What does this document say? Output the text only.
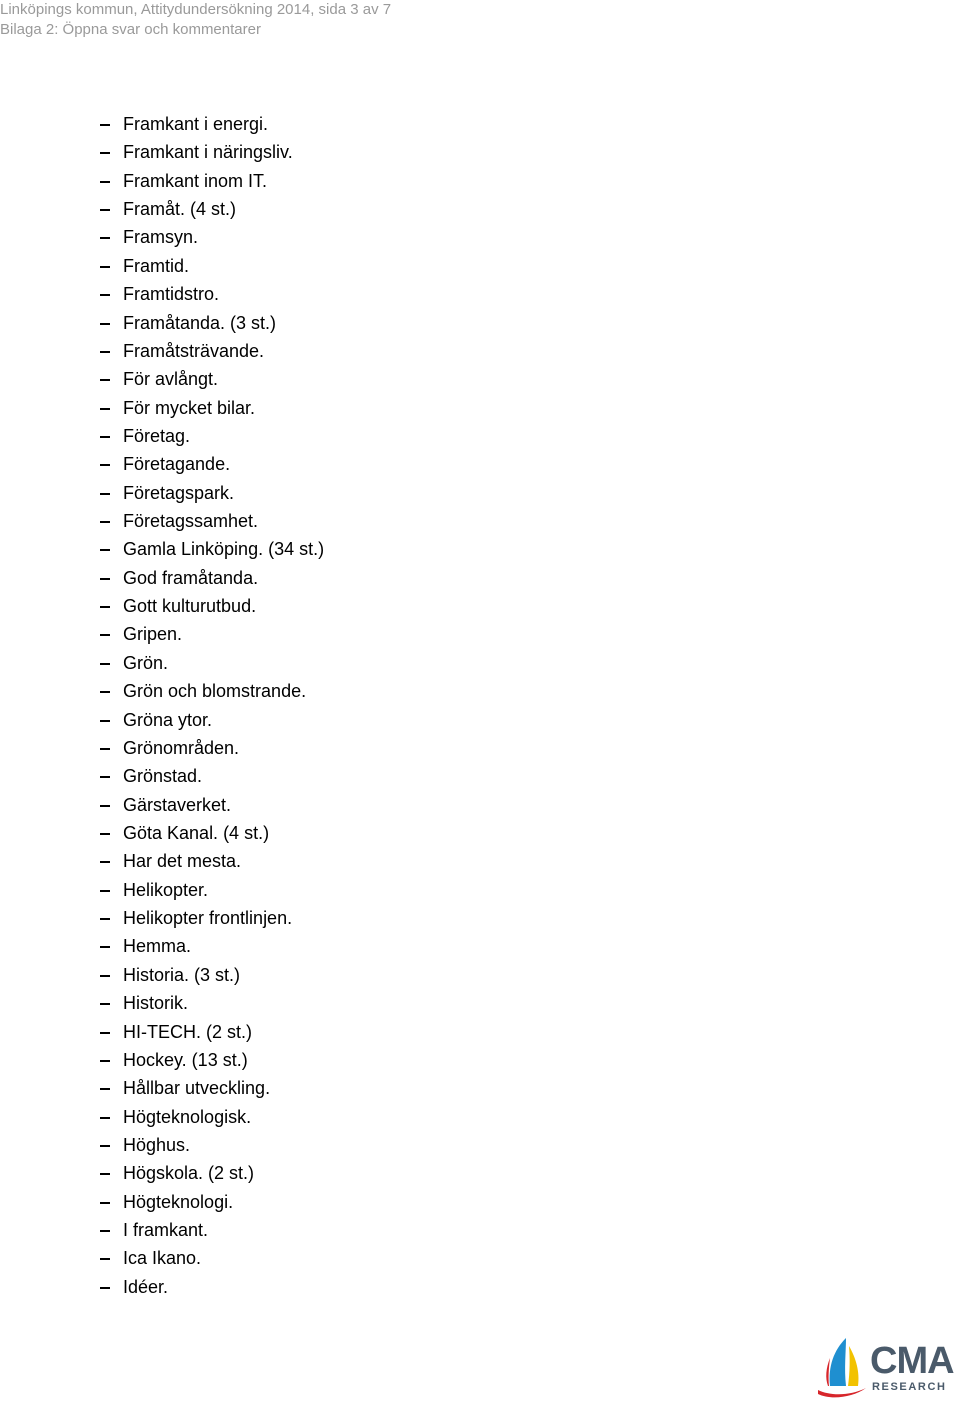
Linköpings kommun, Attitydundersökning 2014, sida 3 av 7
Bilaga 2: Öppna svar och kommentarer
Framkant i energi.
Framkant i näringsliv.
Framkant inom IT.
Framåt. (4 st.)
Framsyn.
Framtid.
Framtidstro.
Framåtanda. (3 st.)
Framåtsträvande.
För avlångt.
För mycket bilar.
Företag.
Företagande.
Företagspark.
Företagssamhet.
Gamla Linköping. (34 st.)
God framåtanda.
Gott kulturutbud.
Gripen.
Grön.
Grön och blomstrande.
Gröna ytor.
Grönområden.
Grönstad.
Gärstaverket.
Göta Kanal. (4 st.)
Har det mesta.
Helikopter.
Helikopter frontlinjen.
Hemma.
Historia. (3 st.)
Historik.
HI-TECH. (2 st.)
Hockey. (13 st.)
Hållbar utveckling.
Högteknologisk.
Höghus.
Högskola. (2 st.)
Högteknologi.
I framkant.
Ica Ikano.
Idéer.
CMA
RESEARCH
